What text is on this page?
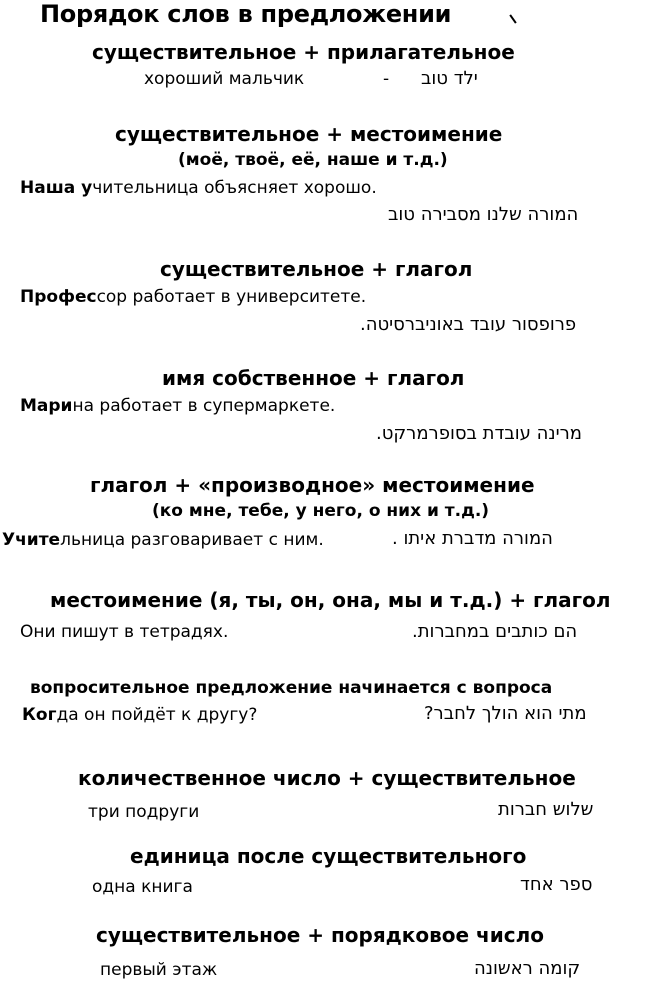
Порядок слов в предложении
существительное + прилагательное
хороший мальчик	- ילד טוב
существительное + местоимение
(моё, твоё, её, наше и т.д.)
Наша учительница объясняет хорошо.
המורה שלנו מסבירה טוב
существительное + глагол
Профессор работает в университете.
פרופסור עובד באוניברסיטה.
имя собственное + глагол
Марина работает в супермаркете.
מרינה עובדת בסופרמרקט.
глагол + «производное» местоимение
(ко мне, тебе, у него, о них и т.д.)
Учительница разговаривает с ним.	המורה מדברת איתו .
местоимение (я, ты, он, она, мы и т.д.) + глагол
Они пишут в тетрадях.	הם כותבים במחברות.
вопросительное предложение начинается с вопроса
Когда он пойдёт к другу?	מתי הוא הולך לחבר?
количественное число + существительное
три подруги	שלוש חברות
единица после существительного
одна книга	ספר אחד
существительное + порядковое число
первый этаж	קומה ראשונה
